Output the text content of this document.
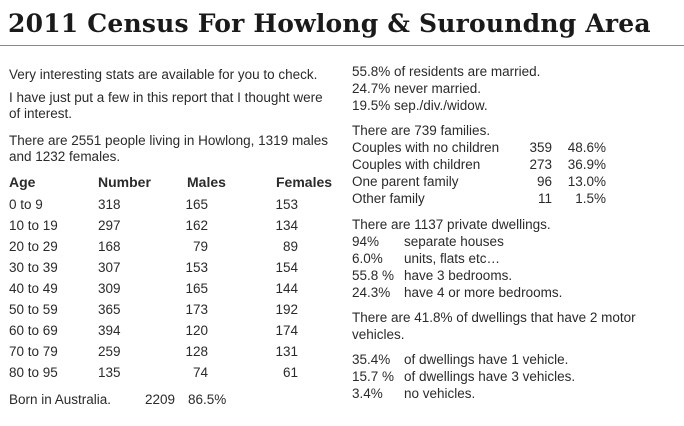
2011 Census For Howlong & Suroundng Area
Very interesting stats are available for you to check.
I have just put a few in this report that I thought were
of interest.
There are 2551 people living in Howlong, 1319 males
and 1232 females.
Age	Number	Males	Females
0 to 9	318	165	153
10 to 19	297	162	134
20 to 29	168	79	89
30 to 39	307	153	154
40 to 49	309	165	144
50 to 59	365	173	192
60 to 69	394	120	174
70 to 79	259	128	131
80 to 95	135	74	61
Born in Australia.	2209 86.5%
55.8% of residents are married.
24.7% never married.
19.5% sep./div./widow.
There are 739 families.
Couples with no children	359 48.6%
Couples with children	273 36.9%
One parent family	96 13.0%
Other family	11	1.5%
There are 1137 private dwellings.
94% separate houses
6.0% units, flats etc…
55.8 % have 3 bedrooms.
24.3% have 4 or more bedrooms.
There are 41.8% of dwellings that have 2 motor
vehicles.
35.4% of dwellings have 1 vehicle.
15.7 % of dwellings have 3 vehicles.
3.4% no vehicles.
